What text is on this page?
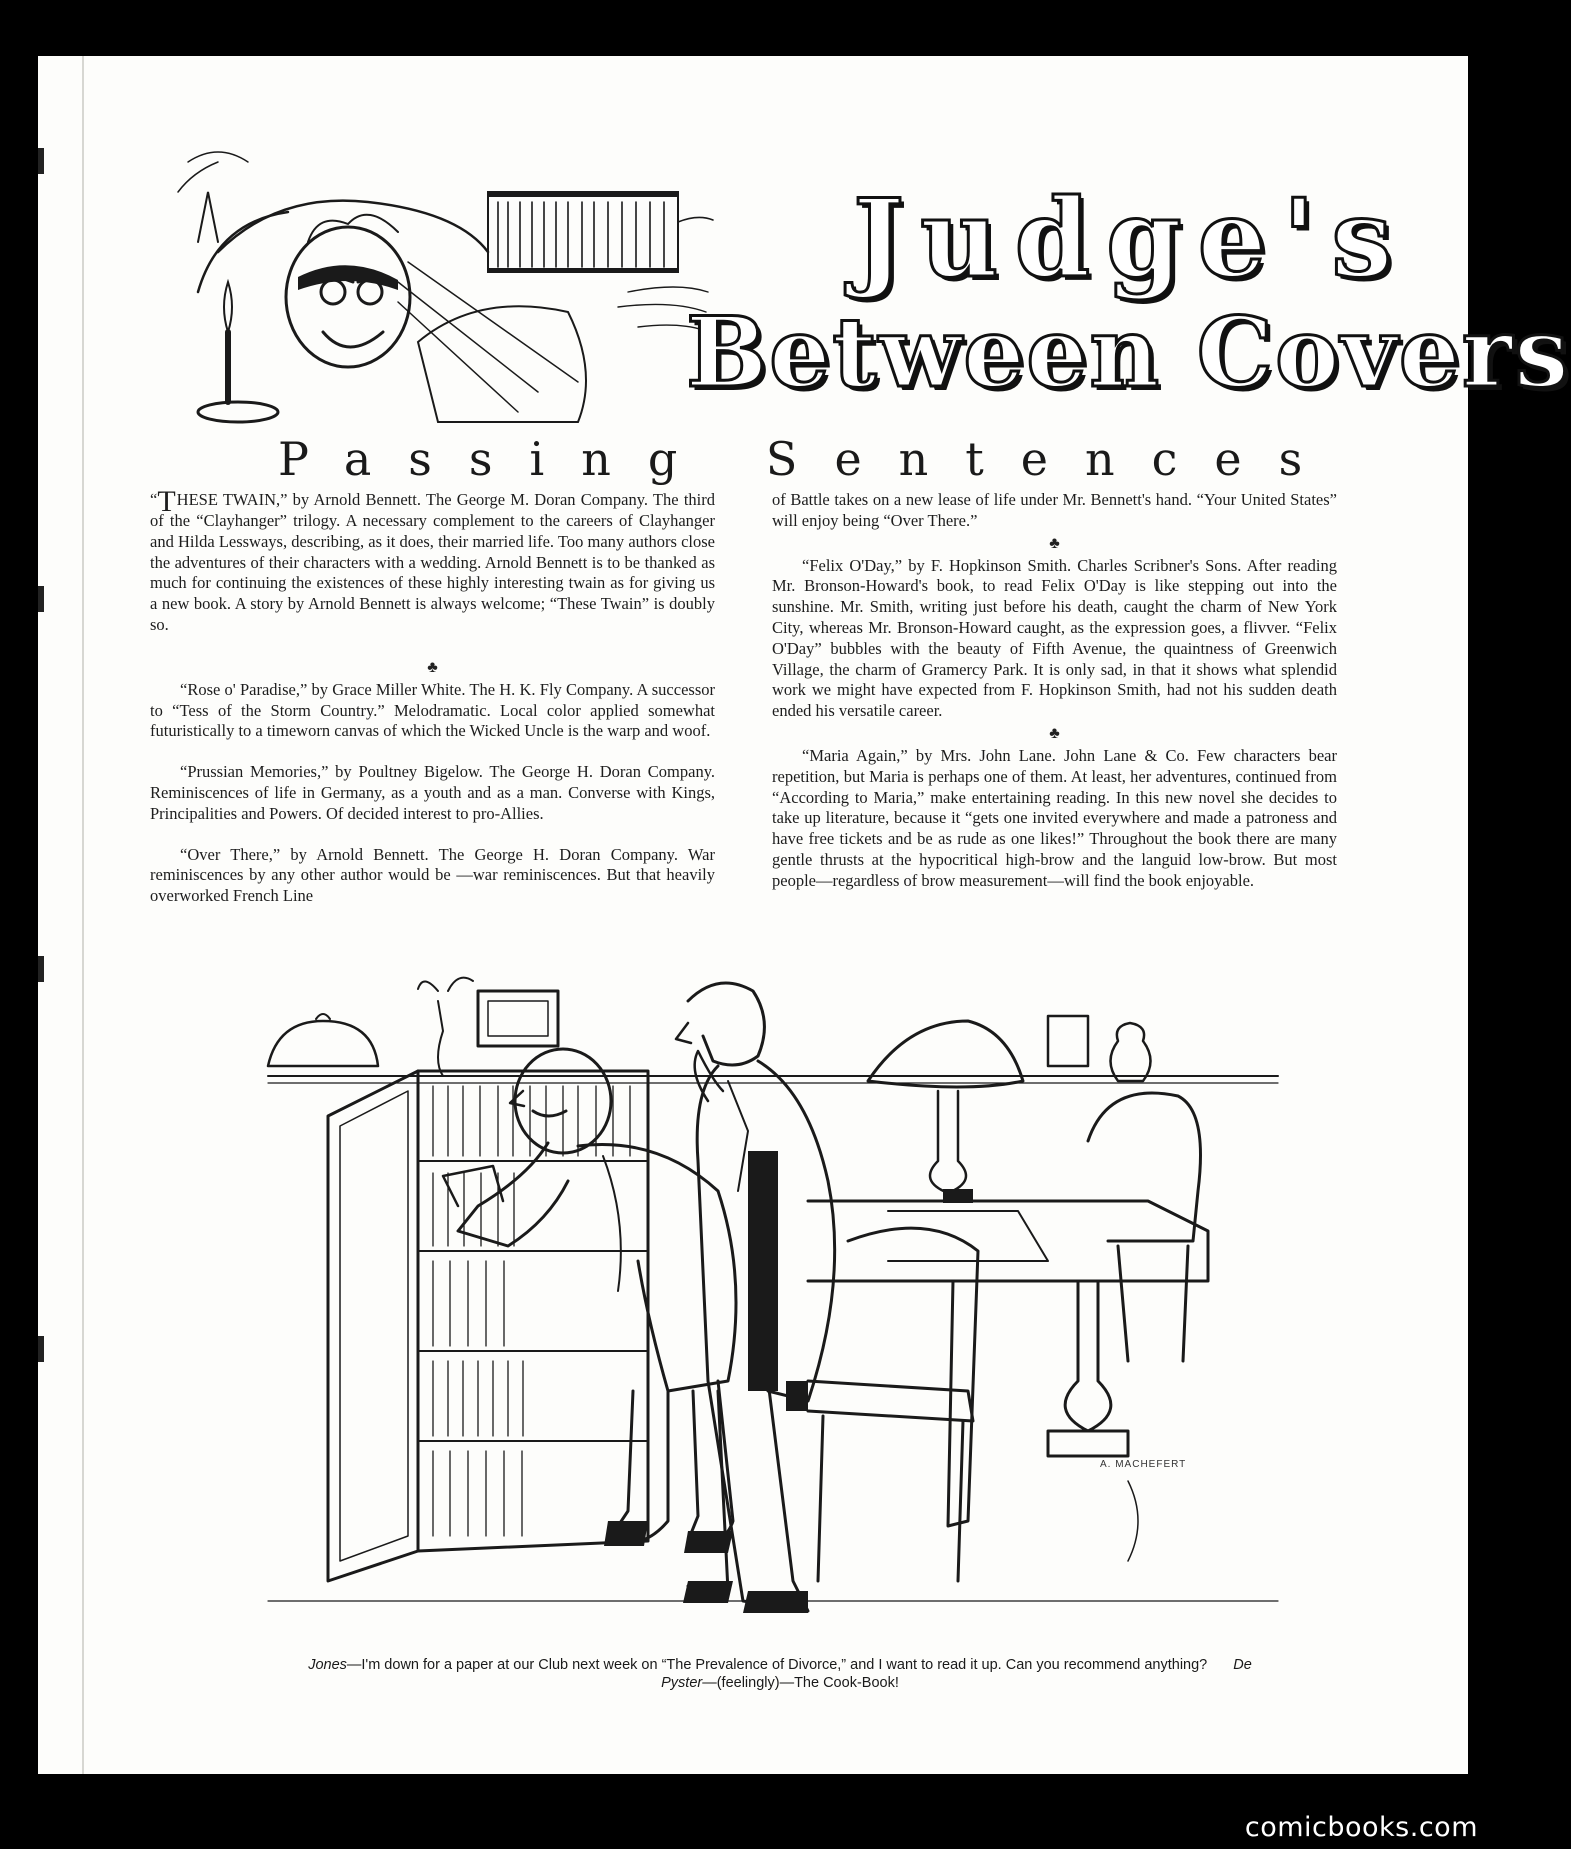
Judge's
Between Covers
Passing Sentences

“THESE TWAIN,” by Arnold Bennett. The George M. Doran Company. The third of the “Clayhanger” trilogy. A necessary complement to the careers of Clayhanger and Hilda Lessways, describing, as it does, their married life. Too many authors close the adventures of their characters with a wedding. Arnold Bennett is to be thanked as much for continuing the existences of these highly interesting twain as for giving us a new book. A story by Arnold Bennett is always welcome; “These Twain” is doubly so.

♣

“Rose o' Paradise,” by Grace Miller White. The H. K. Fly Company. A successor to “Tess of the Storm Country.” Melodramatic. Local color applied somewhat futuristically to a timeworn canvas of which the Wicked Uncle is the warp and woof.

“Prussian Memories,” by Poultney Bigelow. The George H. Doran Company. Reminiscences of life in Germany, as a youth and as a man. Converse with Kings, Principalities and Powers. Of decided interest to pro-Allies.

“Over There,” by Arnold Bennett. The George H. Doran Company. War reminiscences by any other author would be —war reminiscences. But that heavily overworked French Line

of Battle takes on a new lease of life under Mr. Bennett's hand. “Your United States” will enjoy being “Over There.”

♣

“Felix O'Day,” by F. Hopkinson Smith. Charles Scribner's Sons. After reading Mr. Bronson-Howard's book, to read Felix O'Day is like stepping out into the sunshine. Mr. Smith, writing just before his death, caught the charm of New York City, whereas Mr. Bronson-Howard caught, as the expression goes, a flivver. “Felix O'Day” bubbles with the beauty of Fifth Avenue, the quaintness of Greenwich Village, the charm of Gramercy Park. It is only sad, in that it shows what splendid work we might have expected from F. Hopkinson Smith, had not his sudden death ended his versatile career.

♣

“Maria Again,” by Mrs. John Lane. John Lane & Co. Few characters bear repetition, but Maria is perhaps one of them. At least, her adventures, continued from “According to Maria,” make entertaining reading. In this new novel she decides to take up literature, because it “gets one invited everywhere and made a patroness and have free tickets and be as rude as one likes!” Throughout the book there are many gentle thrusts at the hypocritical high-brow and the languid low-brow. But most people—regardless of brow measurement—will find the book enjoyable.

A. MACHEFERT

Jones—I'm down for a paper at our Club next week on “The Prevalence of Divorce,” and I want to read it up. Can you recommend anything? De Pyster—(feelingly)—The Cook-Book!

comicbooks.com
